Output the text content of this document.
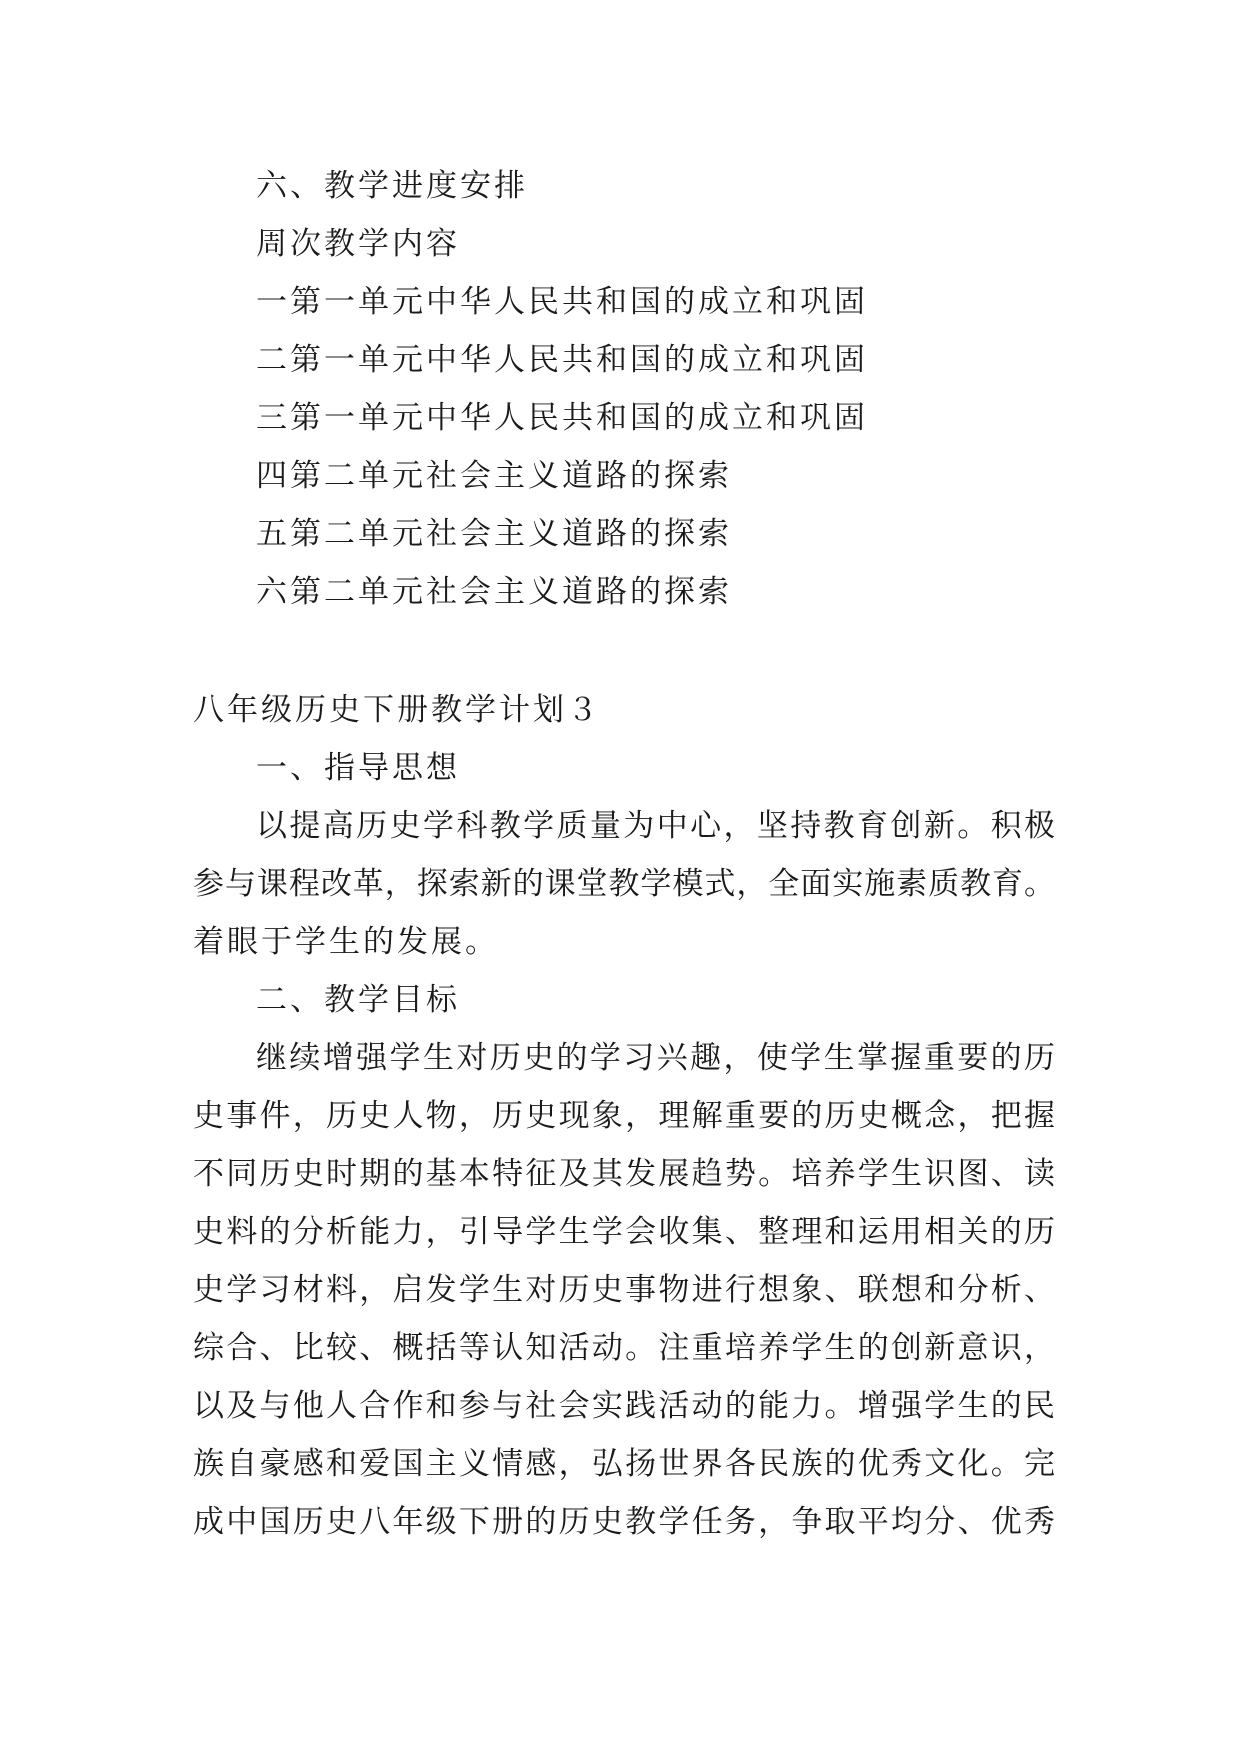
六、教学进度安排
周次教学内容
一第一单元中华人民共和国的成立和巩固
二第一单元中华人民共和国的成立和巩固
三第一单元中华人民共和国的成立和巩固
四第二单元社会主义道路的探索
五第二单元社会主义道路的探索
六第二单元社会主义道路的探索
八年级历史下册教学计划３
一、指导思想
以提高历史学科教学质量为中心，坚持教育创新。积极
参与课程改革，探索新的课堂教学模式，全面实施素质教育。
着眼于学生的发展。
二、教学目标
继续增强学生对历史的学习兴趣，使学生掌握重要的历
史事件，历史人物，历史现象，理解重要的历史概念，把握
不同历史时期的基本特征及其发展趋势。培养学生识图、读
史料的分析能力，引导学生学会收集、整理和运用相关的历
史学习材料，启发学生对历史事物进行想象、联想和分析、
综合、比较、概括等认知活动。注重培养学生的创新意识，
以及与他人合作和参与社会实践活动的能力。增强学生的民
族自豪感和爱国主义情感，弘扬世界各民族的优秀文化。完
成中国历史八年级下册的历史教学任务，争取平均分、优秀
